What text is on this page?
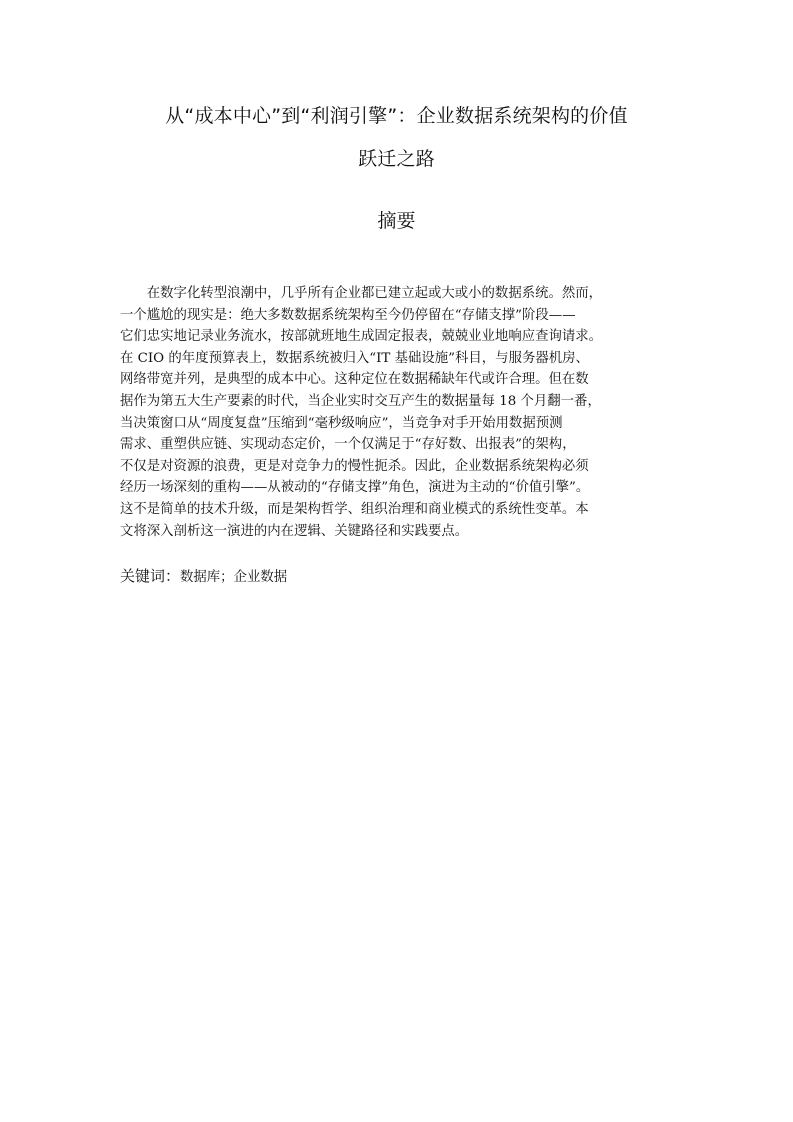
从“成本中心”到“利润引擎”：企业数据系统架构的价值
跃迁之路
摘要
　　在数字化转型浪潮中，几乎所有企业都已建立起或大或小的数据系统。然而，
一个尴尬的现实是：绝大多数数据系统架构至今仍停留在“存储支撑”阶段——
它们忠实地记录业务流水，按部就班地生成固定报表，兢兢业业地响应查询请求。
在 CIO 的年度预算表上，数据系统被归入“IT 基础设施”科目，与服务器机房、
网络带宽并列，是典型的成本中心。这种定位在数据稀缺年代或许合理。但在数
据作为第五大生产要素的时代，当企业实时交互产生的数据量每 18 个月翻一番，
当决策窗口从“周度复盘”压缩到“毫秒级响应”，当竞争对手开始用数据预测
需求、重塑供应链、实现动态定价，一个仅满足于“存好数、出报表”的架构，
不仅是对资源的浪费，更是对竞争力的慢性扼杀。因此，企业数据系统架构必须
经历一场深刻的重构——从被动的“存储支撑”角色，演进为主动的“价值引擎”。
这不是简单的技术升级，而是架构哲学、组织治理和商业模式的系统性变革。本
文将深入剖析这一演进的内在逻辑、关键路径和实践要点。
关键词：数据库；企业数据
